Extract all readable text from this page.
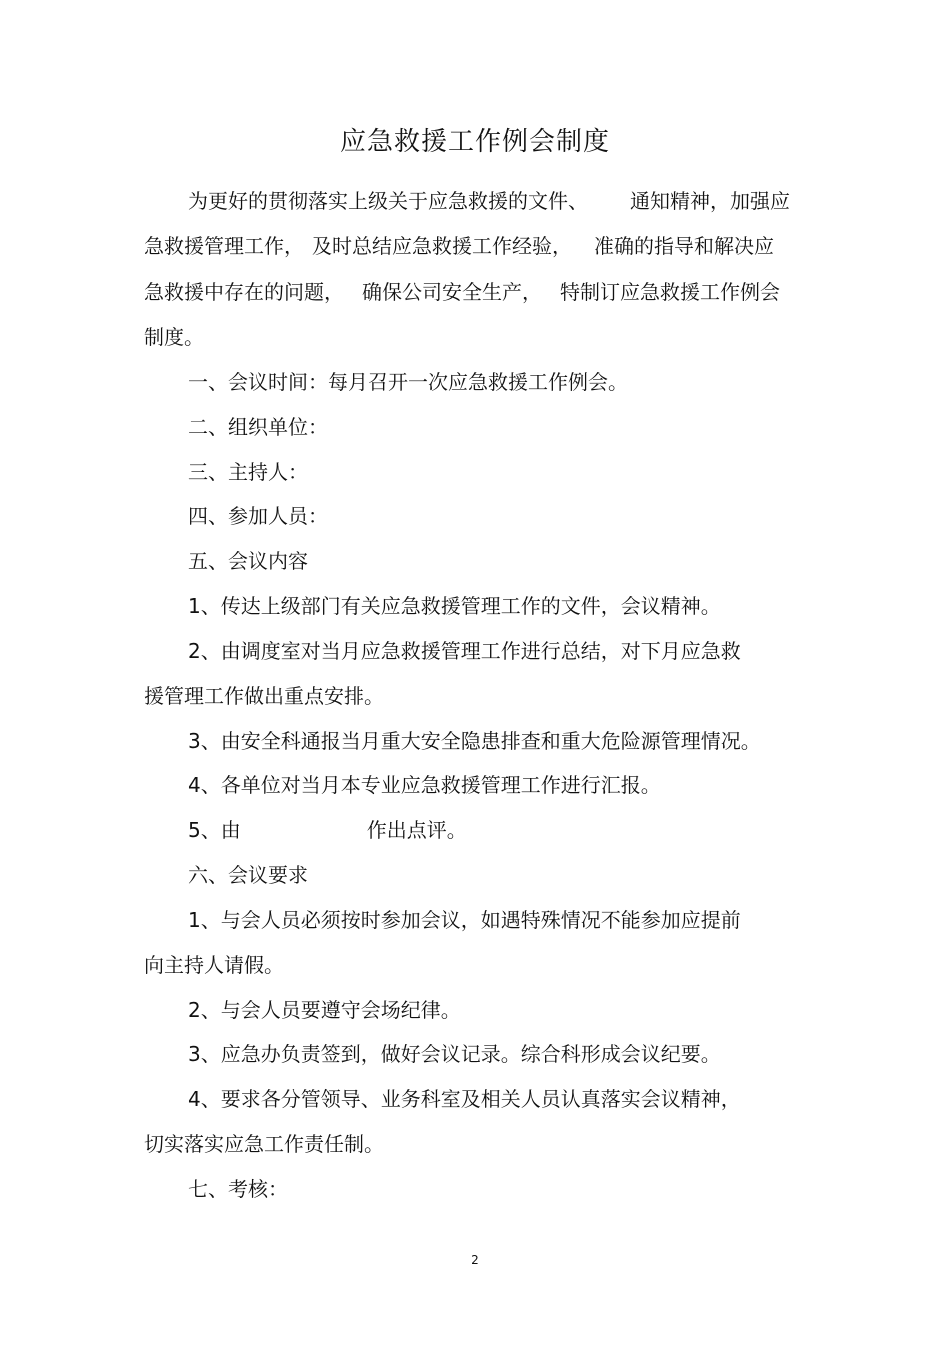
应急救援工作例会制度
为更好的贯彻落实上级关于应急救援的文件、 通知精神，加强应
急救援管理工作， 及时总结应急救援工作经验， 准确的指导和解决应
急救援中存在的问题， 确保公司安全生产， 特制订应急救援工作例会
制度。
一、会议时间：每月召开一次应急救援工作例会。
二、组织单位：
三、主持人：
四、参加人员：
五、会议内容
1、传达上级部门有关应急救援管理工作的文件，会议精神。
2、由调度室对当月应急救援管理工作进行总结，对下月应急救
援管理工作做出重点安排。
3、由安全科通报当月重大安全隐患排查和重大危险源管理情况。
4、各单位对当月本专业应急救援管理工作进行汇报。
5、由	作出点评。
六、会议要求
1、与会人员必须按时参加会议，如遇特殊情况不能参加应提前
向主持人请假。
2、与会人员要遵守会场纪律。
3、应急办负责签到，做好会议记录。综合科形成会议纪要。
4、要求各分管领导、业务科室及相关人员认真落实会议精神，
切实落实应急工作责任制。
七、考核：
2
